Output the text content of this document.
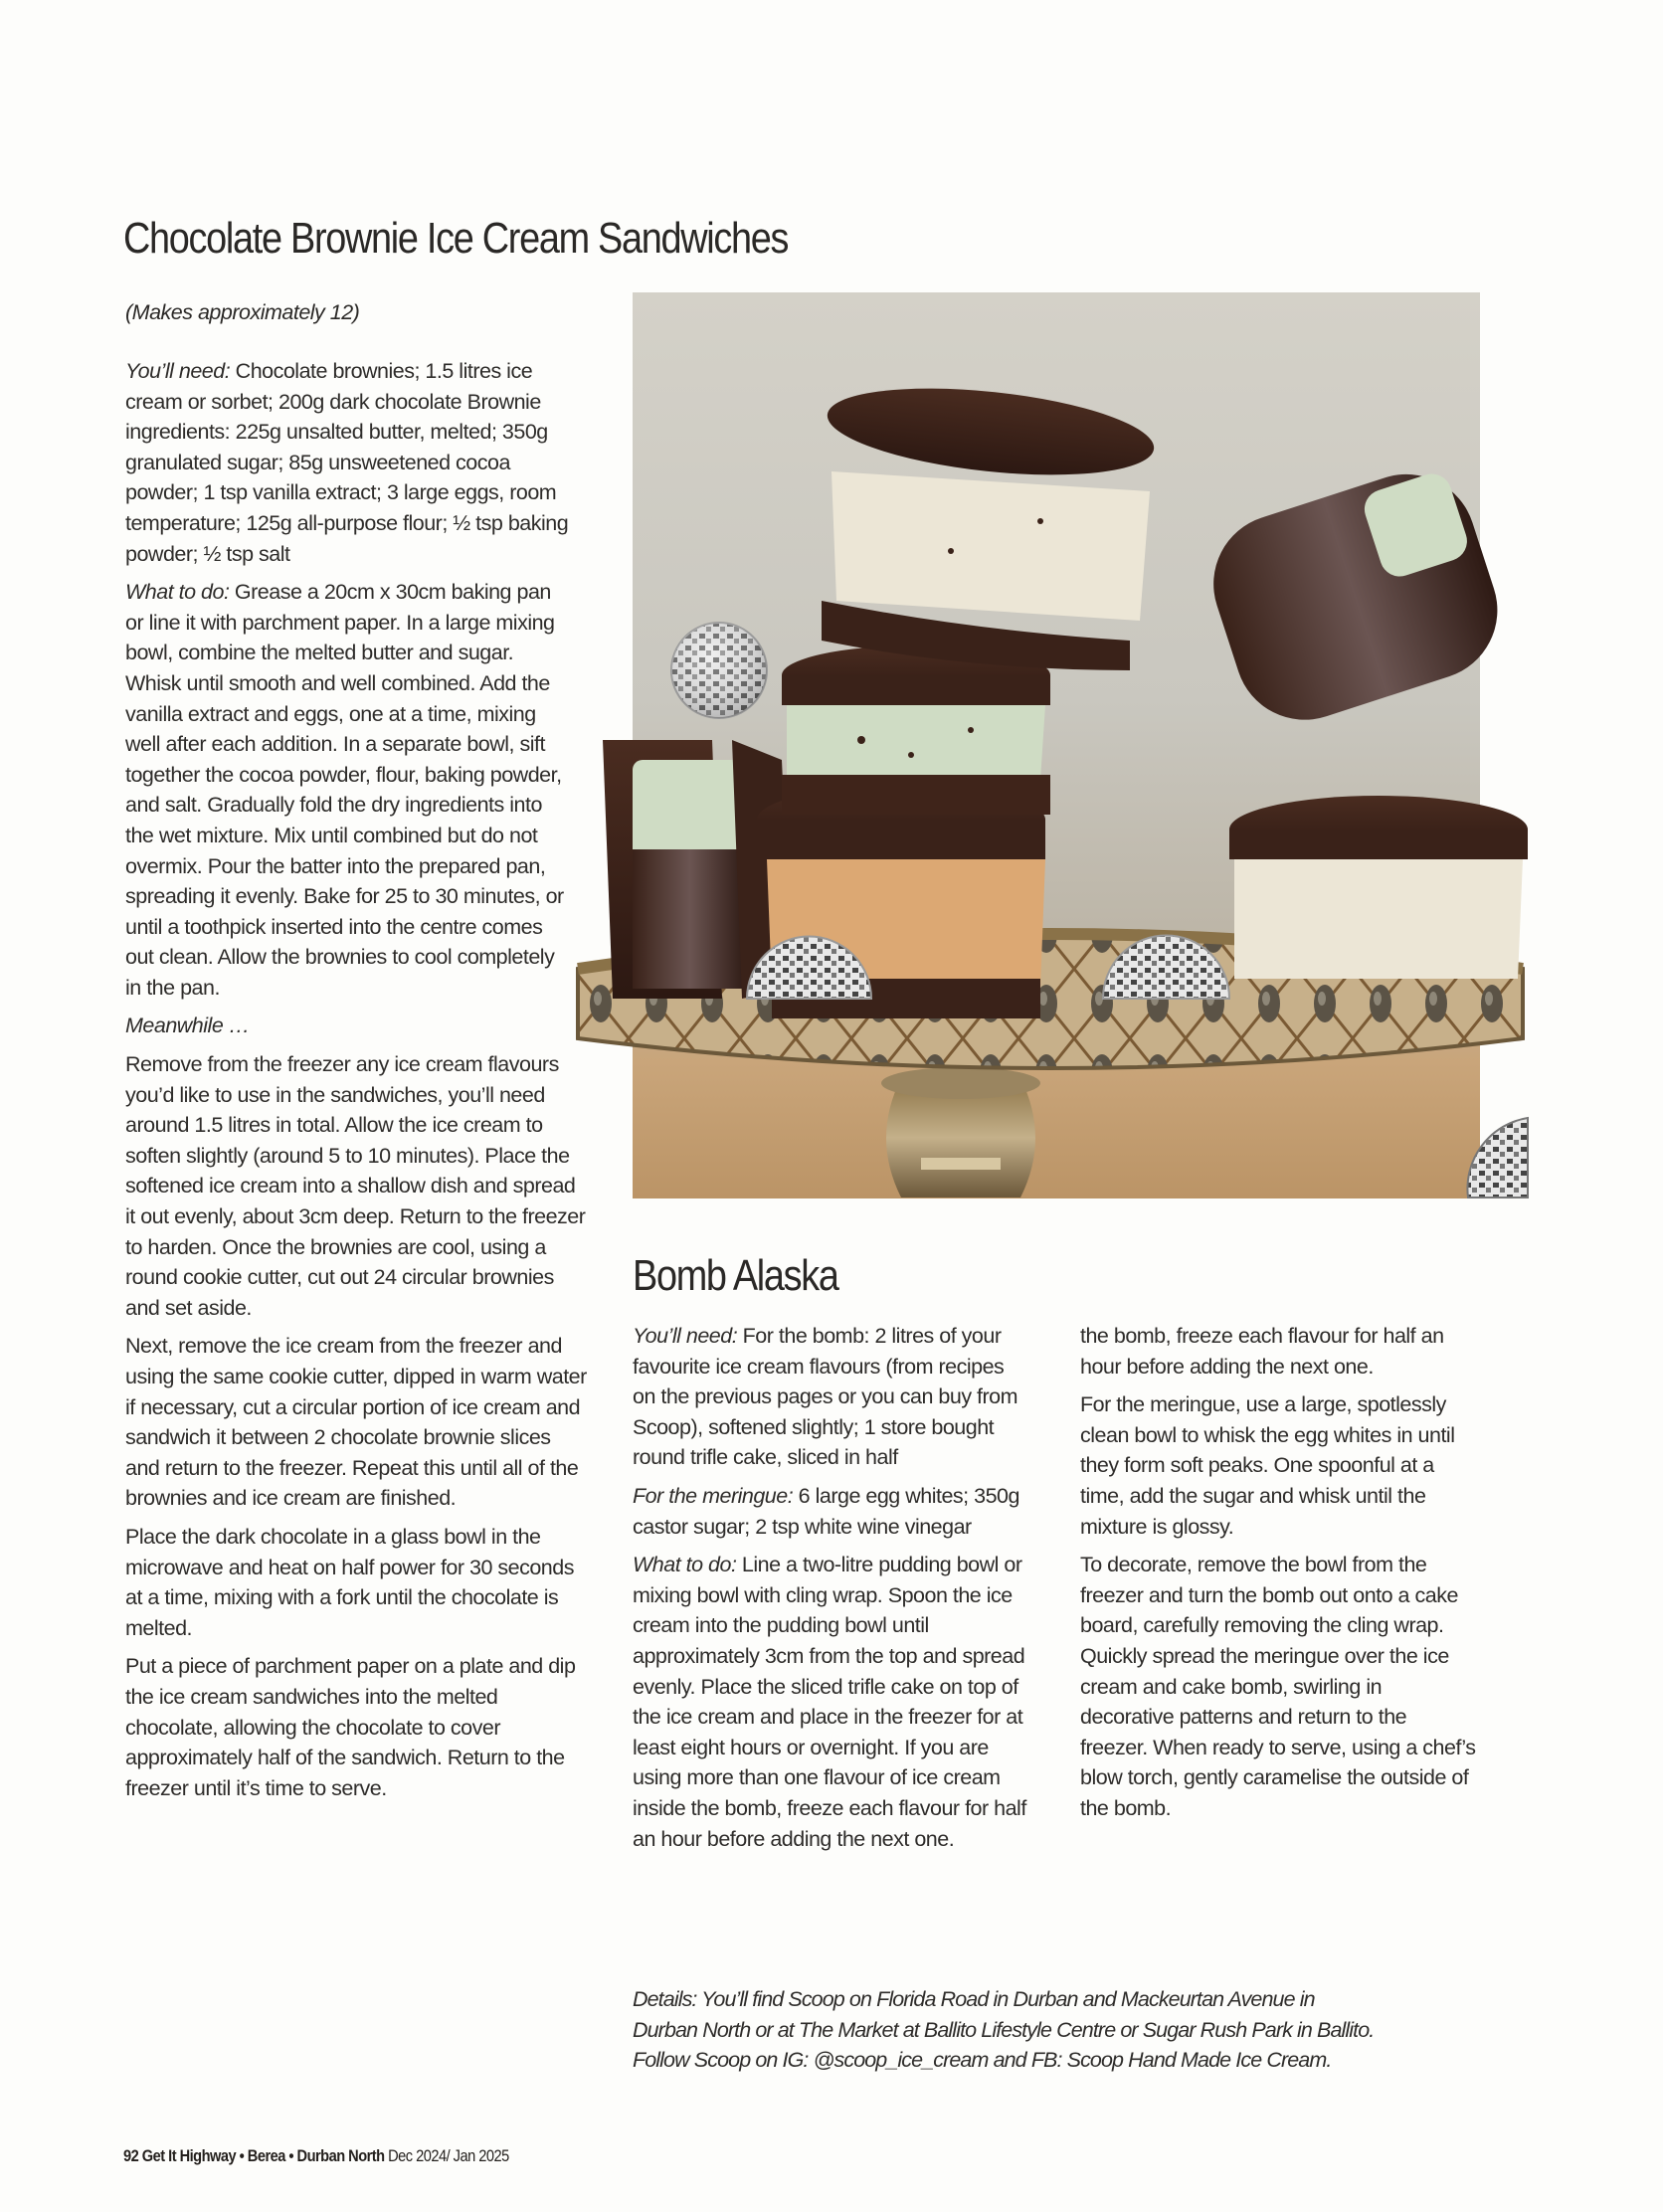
Chocolate Brownie Ice Cream Sandwiches
(Makes approximately 12)

You’ll need: Chocolate brownies; 1.5 litres ice cream or sorbet; 200g dark chocolate Brownie ingredients: 225g unsalted butter, melted; 350g granulated sugar; 85g unsweetened cocoa powder; 1 tsp vanilla extract; 3 large eggs, room temperature; 125g all-purpose flour; ½ tsp baking powder; ½ tsp salt

What to do: Grease a 20cm x 30cm baking pan or line it with parchment paper. In a large mixing bowl, combine the melted butter and sugar. Whisk until smooth and well combined. Add the vanilla extract and eggs, one at a time, mixing well after each addition. In a separate bowl, sift together the cocoa powder, flour, baking powder, and salt. Gradually fold the dry ingredients into the wet mixture. Mix until combined but do not overmix. Pour the batter into the prepared pan, spreading it evenly. Bake for 25 to 30 minutes, or until a toothpick inserted into the centre comes out clean. Allow the brownies to cool completely in the pan.

Meanwhile …

Remove from the freezer any ice cream flavours you’d like to use in the sandwiches, you’ll need around 1.5 litres in total. Allow the ice cream to soften slightly (around 5 to 10 minutes). Place the softened ice cream into a shallow dish and spread it out evenly, about 3cm deep. Return to the freezer to harden. Once the brownies are cool, using a round cookie cutter, cut out 24 circular brownies and set aside.

Next, remove the ice cream from the freezer and using the same cookie cutter, dipped in warm water if necessary, cut a circular portion of ice cream and sandwich it between 2 chocolate brownie slices and return to the freezer. Repeat this until all of the brownies and ice cream are finished.

Place the dark chocolate in a glass bowl in the microwave and heat on half power for 30 seconds at a time, mixing with a fork until the chocolate is melted.

Put a piece of parchment paper on a plate and dip the ice cream sandwiches into the melted chocolate, allowing the chocolate to cover approximately half of the sandwich. Return to the freezer until it’s time to serve.

Bomb Alaska

You’ll need: For the bomb: 2 litres of your favourite ice cream flavours (from recipes on the previous pages or you can buy from Scoop), softened slightly; 1 store bought round trifle cake, sliced in half

For the meringue: 6 large egg whites; 350g castor sugar; 2 tsp white wine vinegar

What to do: Line a two-litre pudding bowl or mixing bowl with cling wrap. Spoon the ice cream into the pudding bowl until approximately 3cm from the top and spread evenly. Place the sliced trifle cake on top of the ice cream and place in the freezer for at least eight hours or overnight. If you are using more than one flavour of ice cream inside the bomb, freeze each flavour for half an hour before adding the next one.

the bomb, freeze each flavour for half an hour before adding the next one.

For the meringue, use a large, spotlessly clean bowl to whisk the egg whites in until they form soft peaks. One spoonful at a time, add the sugar and whisk until the mixture is glossy.

To decorate, remove the bowl from the freezer and turn the bomb out onto a cake board, carefully removing the cling wrap. Quickly spread the meringue over the ice cream and cake bomb, swirling in decorative patterns and return to the freezer. When ready to serve, using a chef’s blow torch, gently caramelise the outside of the bomb.

Details: You’ll find Scoop on Florida Road in Durban and Mackeurtan Avenue in
Durban North or at The Market at Ballito Lifestyle Centre or Sugar Rush Park in Ballito.
Follow Scoop on IG: @scoop_ice_cream and FB: Scoop Hand Made Ice Cream.
92 Get It Highway • Berea • Durban North Dec 2024/ Jan 2025
